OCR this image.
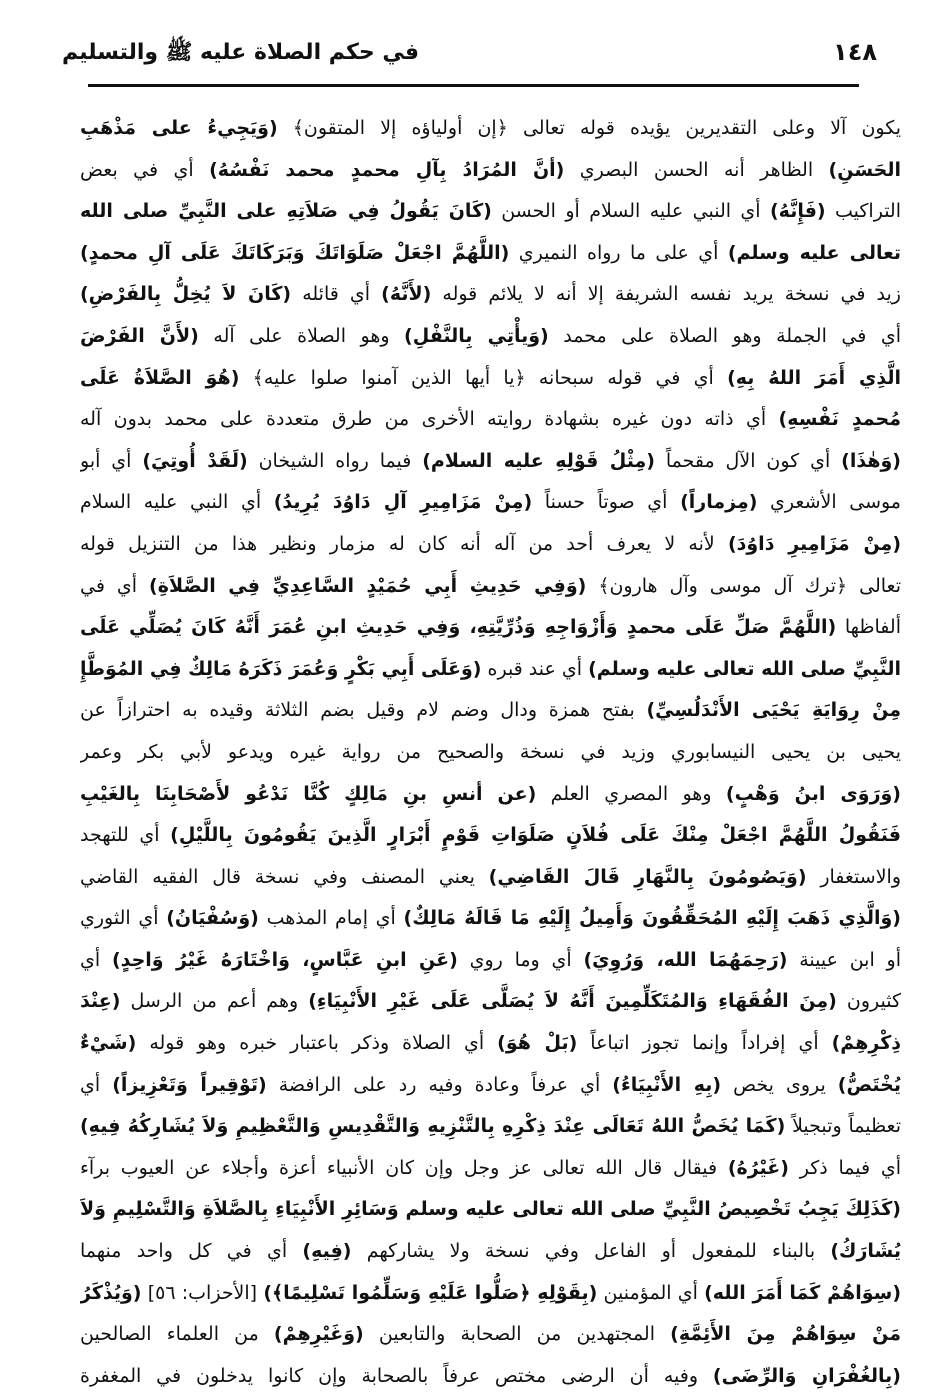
١٤٨
في حكم الصلاة عليه ﷺ والتسليم
يكون آلا وعلى التقديرين يؤيده قوله تعالى ﴿إن أولياؤه إلا المتقون﴾ (وَيَجِيءُ على مَذْهَبِ
الحَسَنِ) الظاهر أنه الحسن البصري (أنَّ المُرَادُ بِآلِ محمدٍ محمد نَفْسُهُ) أي في بعض
التراكيب (فَإِنَّهُ) أي النبي عليه السلام أو الحسن (كَانَ يَقُولُ فِي صَلاَتِهِ على النَّبِيِّ صلى الله
تعالى عليه وسلم) أي على ما رواه النميري (اللَّهُمَّ اجْعَلْ صَلَوَاتَكَ وَبَرَكَاتَكَ عَلَى آلِ محمدٍ)
زيد في نسخة يريد نفسه الشريفة إلا أنه لا يلائم قوله (لأَنَّهُ) أي قائله (كَانَ لاَ يُخِلُّ بِالفَرْضِ)
أي في الجملة وهو الصلاة على محمد (وَيأْتِي بِالنَّفْلِ) وهو الصلاة على آله (لأَنَّ الفَرْضَ
الَّذِي أَمَرَ اللهُ بِهِ) أي في قوله سبحانه ﴿يا أيها الذين آمنوا صلوا عليه﴾ (هُوَ الصَّلاَةُ عَلَى
مُحمدٍ نَفْسِهِ) أي ذاته دون غيره بشهادة روايته الأخرى من طرق متعددة على محمد بدون آله
(وَهٰذَا) أي كون الآل مقحماً (مِثْلُ قَوْلِهِ عليه السلام) فيما رواه الشيخان (لَقَدْ أُوتِيَ) أي أبو
موسى الأشعري (مِزماراً) أي صوتاً حسناً (مِنْ مَزَامِيرِ آلِ دَاوُدَ يُرِيدُ) أي النبي عليه السلام
(مِنْ مَزَامِيرِ دَاوُدَ) لأنه لا يعرف أحد من آله أنه كان له مزمار ونظير هذا من التنزيل قوله
تعالى ﴿ترك آل موسى وآل هارون﴾ (وَفِي حَدِيثِ أَبِي حُمَيْدٍ السَّاعِدِيِّ فِي الصَّلاَةِ) أي في
ألفاظها (اللَّهُمَّ صَلِّ عَلَى محمدٍ وَأَزْوَاجِهِ وَذُرِّيَّتِهِ، وَفِي حَدِيثِ ابنِ عُمَرَ أَنَّهُ كَانَ يُصَلِّي عَلَى
النَّبِيِّ صلى الله تعالى عليه وسلم) أي عند قبره (وَعَلَى أَبِي بَكْرٍ وَعُمَرَ ذَكَرَهُ مَالِكٌ فِي المُوَطَّإِ
مِنْ رِوَايَةِ يَحْيَى الأَنْدَلُسِيِّ) بفتح همزة ودال وضم لام وقيل بضم الثلاثة وقيده به احترازاً عن
يحيى بن يحيى النيسابوري وزيد في نسخة والصحيح من رواية غيره ويدعو لأبي بكر وعمر
(وَرَوَى ابنُ وَهْبٍ) وهو المصري العلم (عن أنسِ بنِ مَالِكٍ كُنَّا نَدْعُو لأَصْحَابِنَا بِالغَيْبِ
فَنَقُولُ اللَّهُمَّ اجْعَلْ مِنْكَ عَلَى فُلاَنٍ صَلَوَاتِ قَوْمٍ أَبْرَارٍ الَّذِينَ يَقُومُونَ بِاللَّيْلِ) أي للتهجد
والاستغفار (وَيَصُومُونَ بِالنَّهَارِ قَالَ القَاضِي) يعني المصنف وفي نسخة قال الفقيه القاضي
(وَالَّذِي ذَهَبَ إِلَيْهِ المُحَقِّقُونَ وَأَمِيلُ إِلَيْهِ مَا قَالَهُ مَالِكٌ) أي إمام المذهب (وَسُفْيَانُ) أي الثوري
أو ابن عيينة (رَحِمَهُمَا الله، وَرُوِيَ) أي وما روي (عَنِ ابنِ عَبَّاسٍ، وَاخْتَارَهُ غَيْرُ وَاحِدٍ) أي
كثيرون (مِنَ الفُقَهَاءِ وَالمُتَكَلِّمِينَ أَنَّهُ لاَ يُصَلَّى عَلَى غَيْرِ الأَنْبِيَاءِ) وهم أعم من الرسل (عِنْدَ
ذِكْرِهِمْ) أي إفراداً وإنما تجوز اتباعاً (بَلْ هُوَ) أي الصلاة وذكر باعتبار خبره وهو قوله (شَيْءٌ
يُخْتَصُّ) يروى يخص (بِهِ الأَنْبِيَاءُ) أي عرفاً وعادة وفيه رد على الرافضة (تَوْقِيراً وَتَعْزِيزاً) أي
تعظيماً وتبجيلاً (كَمَا يُخَصُّ اللهُ تَعَالَى عِنْدَ ذِكْرِهِ بِالتَّنْزِيهِ وَالتَّقْدِيسِ وَالتَّعْظِيمِ وَلاَ يُشَارِكُهُ فِيهِ)
أي فيما ذكر (غَيْرُهُ) فيقال قال الله تعالى عز وجل وإن كان الأنبياء أعزة وأجلاء عن العيوب برآء
(كَذَلِكَ يَجِبُ تَخْصِيصُ النَّبِيِّ صلى الله تعالى عليه وسلم وَسَائِرِ الأَنْبِيَاءِ بِالصَّلاَةِ وَالتَّسْلِيمِ وَلاَ
يُشَارَكُ) بالبناء للمفعول أو الفاعل وفي نسخة ولا يشاركهم (فِيهِ) أي في كل واحد منهما
(سِوَاهُمْ كَمَا أَمَرَ الله) أي المؤمنين (بِقَوْلِهِ ﴿صَلُّوا عَلَيْهِ وَسَلِّمُوا تَسْلِيمًا﴾) [الأحزاب: ٥٦] (وَيُذْكَرُ
مَنْ سِوَاهُمْ مِنَ الأَئِمَّةِ) المجتهدين من الصحابة والتابعين (وَغَيْرِهِمْ) من العلماء الصالحين
(بِالغُفْرَانِ وَالرِّضَى) وفيه أن الرضى مختص عرفاً بالصحابة وإن كانوا يدخلون في المغفرة
